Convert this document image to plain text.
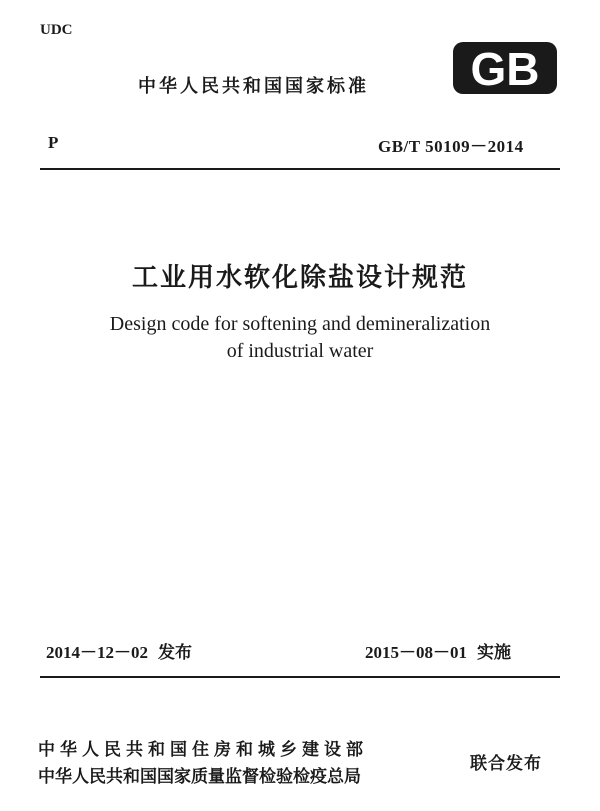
UDC
中华人民共和国国家标准 GB
P	GB/T 50109－2014
工业用水软化除盐设计规范
Design code for softening and demineralization
of industrial water
2014－12－02 发布	2015－08－01 实施
中华人民共和国住房和城乡建设部
中华人民共和国国家质量监督检验检疫总局
联合发布
